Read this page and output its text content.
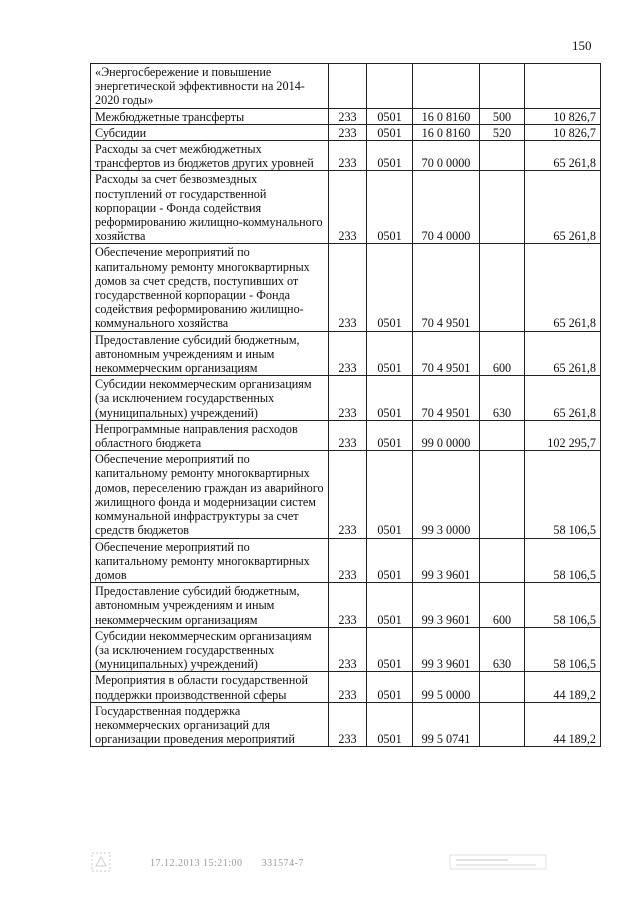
150
«Энергосбережение и повышение энергетической эффективности на 2014-2020 годы»					
Межбюджетные трансферты	233	0501	16 0 8160	500	10 826,7
Субсидии	233	0501	16 0 8160	520	10 826,7
Расходы за счет межбюджетных трансфертов из бюджетов других уровней	233	0501	70 0 0000		65 261,8
Расходы за счет безвозмездных поступлений от государственной корпорации - Фонда содействия реформированию жилищно-коммунального хозяйства	233	0501	70 4 0000		65 261,8
Обеспечение мероприятий по капитальному ремонту многоквартирных домов за счет средств, поступивших от государственной корпорации - Фонда содействия реформированию жилищно-коммунального хозяйства	233	0501	70 4 9501		65 261,8
Предоставление субсидий бюджетным, автономным учреждениям и иным некоммерческим организациям	233	0501	70 4 9501	600	65 261,8
Субсидии некоммерческим организациям (за исключением государственных (муниципальных) учреждений)	233	0501	70 4 9501	630	65 261,8
Непрограммные направления расходов областного бюджета	233	0501	99 0 0000		102 295,7
Обеспечение мероприятий по капитальному ремонту многоквартирных домов, переселению граждан из аварийного жилищного фонда и модернизации систем коммунальной инфраструктуры за счет средств бюджетов	233	0501	99 3 0000		58 106,5
Обеспечение мероприятий по капитальному ремонту многоквартирных домов	233	0501	99 3 9601		58 106,5
Предоставление субсидий бюджетным, автономным учреждениям и иным некоммерческим организациям	233	0501	99 3 9601	600	58 106,5
Субсидии некоммерческим организациям (за исключением государственных (муниципальных) учреждений)	233	0501	99 3 9601	630	58 106,5
Мероприятия в области государственной поддержки производственной сферы	233	0501	99 5 0000		44 189,2
Государственная поддержка некоммерческих организаций для организации проведения мероприятий	233	0501	99 5 0741		44 189,2
17.12.2013 15:21:00 331574-7
